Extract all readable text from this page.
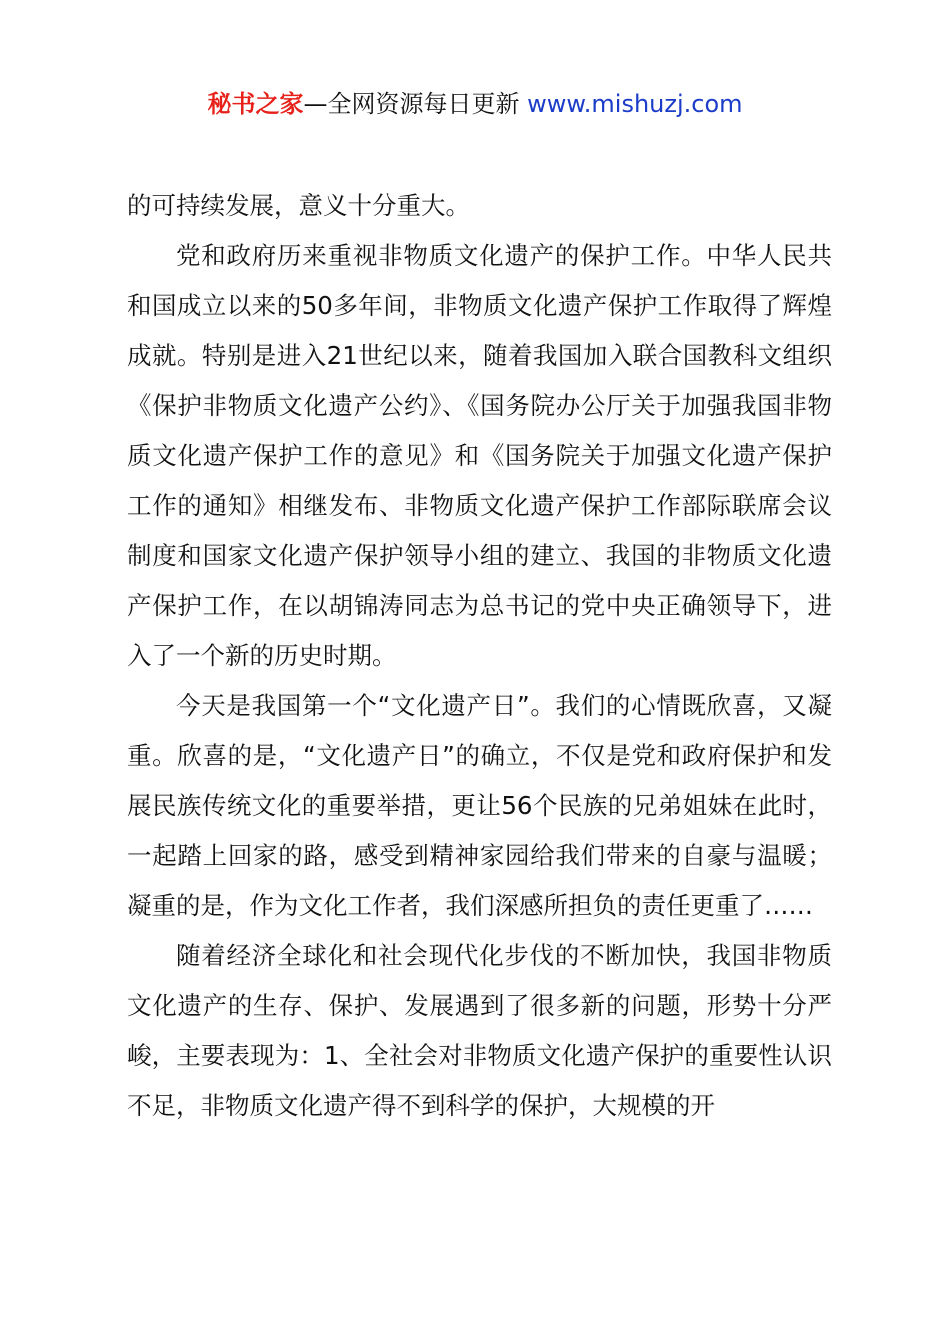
秘书之家—全网资源每日更新 www.mishuzj.com

的可持续发展，意义十分重大。

党和政府历来重视非物质文化遗产的保护工作。中华人民共和国成立以来的50多年间，非物质文化遗产保护工作取得了辉煌成就。特别是进入21世纪以来，随着我国加入联合国教科文组织《保护非物质文化遗产公约》、《国务院办公厅关于加强我国非物质文化遗产保护工作的意见》和《国务院关于加强文化遗产保护工作的通知》相继发布、非物质文化遗产保护工作部际联席会议制度和国家文化遗产保护领导小组的建立、我国的非物质文化遗产保护工作，在以胡锦涛同志为总书记的党中央正确领导下，进入了一个新的历史时期。

今天是我国第一个“文化遗产日”。我们的心情既欣喜，又凝重。欣喜的是，“文化遗产日”的确立，不仅是党和政府保护和发展民族传统文化的重要举措，更让56个民族的兄弟姐妹在此时，一起踏上回家的路，感受到精神家园给我们带来的自豪与温暖；凝重的是，作为文化工作者，我们深感所担负的责任更重了……

随着经济全球化和社会现代化步伐的不断加快，我国非物质文化遗产的生存、保护、发展遇到了很多新的问题，形势十分严峻，主要表现为：1、全社会对非物质文化遗产保护的重要性认识不足，非物质文化遗产得不到科学的保护，大规模的开
